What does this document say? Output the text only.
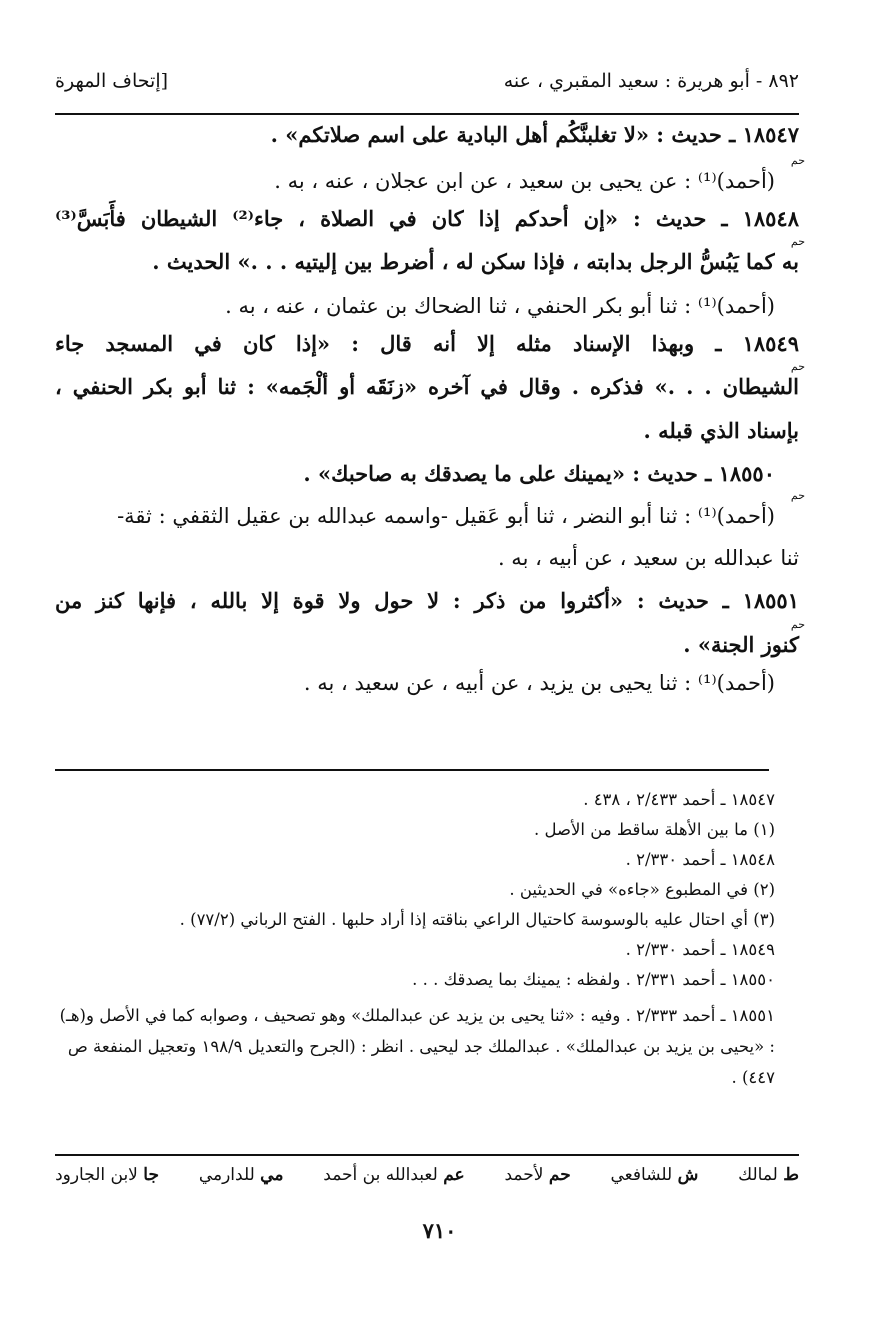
٨٩٢ - أبو هريرة : سعيد المقبري ، عنه
[إتحاف المهرة
١٨٥٤٧ ـ حديث : «لا تغلبنَّكُم أهل البادية على اسم صلاتكم» .
حم
(أحمد)⁽¹⁾ : عن يحيى بن سعيد ، عن ابن عجلان ، عنه ، به .
١٨٥٤٨ ـ حديث : «إن أحدكم إذا كان في الصلاة ، جاء⁽²⁾ الشيطان فأَبَسَّ⁽³⁾
حم
به كما يَبُسُّ الرجل بدابته ، فإذا سكن له ، أضرط بين إليتيه . . .» الحديث .
(أحمد)⁽¹⁾ : ثنا أبو بكر الحنفي ، ثنا الضحاك بن عثمان ، عنه ، به .
١٨٥٤٩ ـ وبهذا الإسناد مثله إلا أنه قال : «إذا كان في المسجد جاء
حم
الشيطان . . .» فذكره . وقال في آخره «زنَقَه أو ألْجَمه» : ثنا أبو بكر الحنفي ،
بإسناد الذي قبله .
١٨٥٥٠ ـ حديث : «يمينك على ما يصدقك به صاحبك» .
حم
(أحمد)⁽¹⁾ : ثنا أبو النضر ، ثنا أبو عَقيل -واسمه عبدالله بن عقيل الثقفي : ثقة-
ثنا عبدالله بن سعيد ، عن أبيه ، به .
١٨٥٥١ ـ حديث : «أكثروا من ذكر : لا حول ولا قوة إلا بالله ، فإنها كنز من
حم
كنوز الجنة» .
(أحمد)⁽¹⁾ : ثنا يحيى بن يزيد ، عن أبيه ، عن سعيد ، به .
١٨٥٤٧ ـ أحمد ٢/٤٣٣ ، ٤٣٨ .
(١) ما بين الأهلة ساقط من الأصل .
١٨٥٤٨ ـ أحمد ٢/٣٣٠ .
(٢) في المطبوع «جاءه» في الحديثين .
(٣) أي احتال عليه بالوسوسة كاحتيال الراعي بناقته إذا أراد حلبها . الفتح الرباني (٧٧/٢) .
١٨٥٤٩ ـ أحمد ٢/٣٣٠ .
١٨٥٥٠ ـ أحمد ٢/٣٣١ . ولفظه : يمينك بما يصدقك . . .
١٨٥٥١ ـ أحمد ٢/٣٣٣ . وفيه : «ثنا يحيى بن يزيد عن عبدالملك» وهو تصحيف ، وصوابه كما في الأصل و(هـ) : «يحيى بن يزيد بن عبدالملك» . عبدالملك جد ليحيى . انظر : (الجرح والتعديل ١٩٨/٩ وتعجيل المنفعة ص ٤٤٧) .
ط لمالك
ش للشافعي
حم لأحمد
عم لعبدالله بن أحمد
مي للدارمي
جا لابن الجارود
٧١٠
